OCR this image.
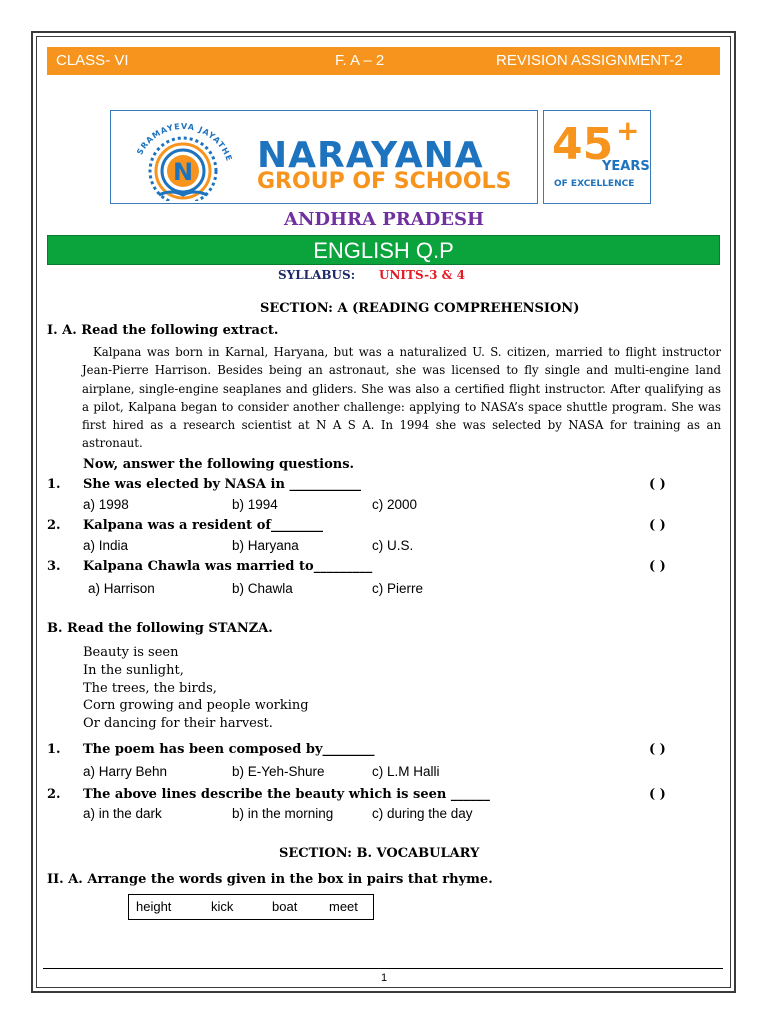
CLASS- VI	F. A – 2	REVISION ASSIGNMENT-2
SRAMAYEVA JAYATHE
N NARAYANA
GROUP OF SCHOOLS
45 +
YEARS
OF EXCELLENCE
ANDHRA PRADESH
ENGLISH Q.P
SYLLABUS: UNITS-3 & 4
SECTION: A (READING COMPREHENSION)
I. A. Read the following extract.
Kalpana was born in Karnal, Haryana, but was a naturalized U. S. citizen, married to flight instructor Jean-Pierre Harrison. Besides being an astronaut, she was licensed to fly single and multi-engine land airplane, single-engine seaplanes and gliders. She was also a certified flight instructor. After qualifying as a pilot, Kalpana began to consider another challenge: applying to NASA’s space shuttle program. She was first hired as a research scientist at N A S A. In 1994 she was selected by NASA for training as an astronaut.
Now, answer the following questions.
1. She was elected by NASA in ___________	( )
a) 1998	b) 1994	c) 2000
2. Kalpana was a resident of________	( )
a) India	b) Haryana	c) U.S.
3. Kalpana Chawla was married to_________	( )
a) Harrison	b) Chawla	c) Pierre
B. Read the following STANZA.
Beauty is seen
In the sunlight,
The trees, the birds,
Corn growing and people working
Or dancing for their harvest.
1. The poem has been composed by________	( )
a) Harry Behn	b) E-Yeh-Shure	c) L.M Halli
2. The above lines describe the beauty which is seen ______	( )
a) in the dark	b) in the morning	c) during the day
SECTION: B. VOCABULARY
II. A. Arrange the words given in the box in pairs that rhyme.
height	kick	boat meet
1
